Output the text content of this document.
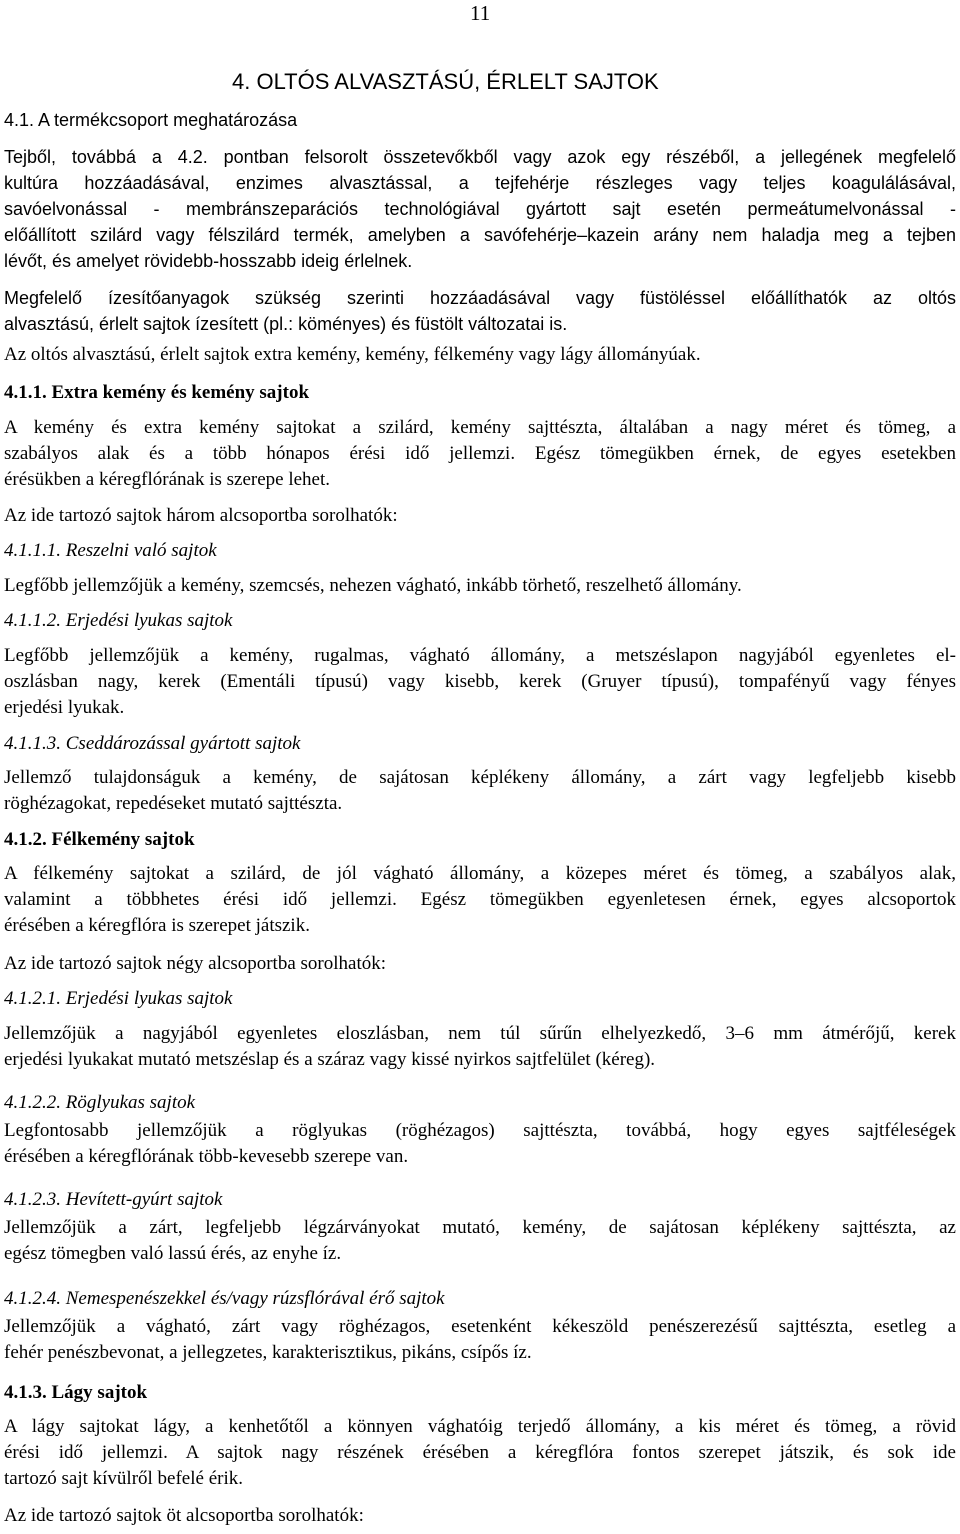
11
4. OLTÓS ALVASZTÁSÚ, ÉRLELT SAJTOK
4.1. A termékcsoport meghatározása
Tejből, továbbá a 4.2. pontban felsorolt összetevőkből vagy azok egy részéből, a jellegének megfelelő
kultúra hozzáadásával, enzimes alvasztással, a tejfehérje részleges vagy teljes koagulálásával,
savóelvonással - membránszeparációs technológiával gyártott sajt esetén permeátumelvonással -
előállított szilárd vagy félszilárd termék, amelyben a savófehérje–kazein arány nem haladja meg a tejben
lévőt, és amelyet rövidebb-hosszabb ideig érlelnek.
Megfelelő ízesítőanyagok szükség szerinti hozzáadásával vagy füstöléssel előállíthatók az oltós
alvasztású, érlelt sajtok ízesített (pl.: köményes) és füstölt változatai is.
Az oltós alvasztású, érlelt sajtok extra kemény, kemény, félkemény vagy lágy állományúak.
4.1.1. Extra kemény és kemény sajtok
A kemény és extra kemény sajtokat a szilárd, kemény sajttészta, általában a nagy méret és tömeg, a
szabályos alak és a több hónapos érési idő jellemzi. Egész tömegükben érnek, de egyes esetekben
érésükben a kéregflórának is szerepe lehet.
Az ide tartozó sajtok három alcsoportba sorolhatók:
4.1.1.1. Reszelni való sajtok
Legfőbb jellemzőjük a kemény, szemcsés, nehezen vágható, inkább törhető, reszelhető állomány.
4.1.1.2. Erjedési lyukas sajtok
Legfőbb jellemzőjük a kemény, rugalmas, vágható állomány, a metszéslapon nagyjából egyenletes el-
oszlásban nagy, kerek (Ementáli típusú) vagy kisebb, kerek (Gruyer típusú), tompafényű vagy fényes
erjedési lyukak.
4.1.1.3. Cseddározással gyártott sajtok
Jellemző tulajdonságuk a kemény, de sajátosan képlékeny állomány, a zárt vagy legfeljebb kisebb
röghézagokat, repedéseket mutató sajttészta.
4.1.2. Félkemény sajtok
A félkemény sajtokat a szilárd, de jól vágható állomány, a közepes méret és tömeg, a szabályos alak,
valamint a többhetes érési idő jellemzi. Egész tömegükben egyenletesen érnek, egyes alcsoportok
érésében a kéregflóra is szerepet játszik.
Az ide tartozó sajtok négy alcsoportba sorolhatók:
4.1.2.1. Erjedési lyukas sajtok
Jellemzőjük a nagyjából egyenletes eloszlásban, nem túl sűrűn elhelyezkedő, 3–6 mm átmérőjű, kerek
erjedési lyukakat mutató metszéslap és a száraz vagy kissé nyirkos sajtfelület (kéreg).
4.1.2.2. Röglyukas sajtok
Legfontosabb jellemzőjük a röglyukas (röghézagos) sajttészta, továbbá, hogy egyes sajtféleségek
érésében a kéregflórának több-kevesebb szerepe van.
4.1.2.3. Hevített-gyúrt sajtok
Jellemzőjük a zárt, legfeljebb légzárványokat mutató, kemény, de sajátosan képlékeny sajttészta, az
egész tömegben való lassú érés, az enyhe íz.
4.1.2.4. Nemespenészekkel és/vagy rúzsflórával érő sajtok
Jellemzőjük a vágható, zárt vagy röghézagos, esetenként kékeszöld penészerezésű sajttészta, esetleg a
fehér penészbevonat, a jellegzetes, karakterisztikus, pikáns, csípős íz.
4.1.3. Lágy sajtok
A lágy sajtokat lágy, a kenhetőtől a könnyen vághatóig terjedő állomány, a kis méret és tömeg, a rövid
érési idő jellemzi. A sajtok nagy részének érésében a kéregflóra fontos szerepet játszik, és sok ide
tartozó sajt kívülről befelé érik.
Az ide tartozó sajtok öt alcsoportba sorolhatók:
